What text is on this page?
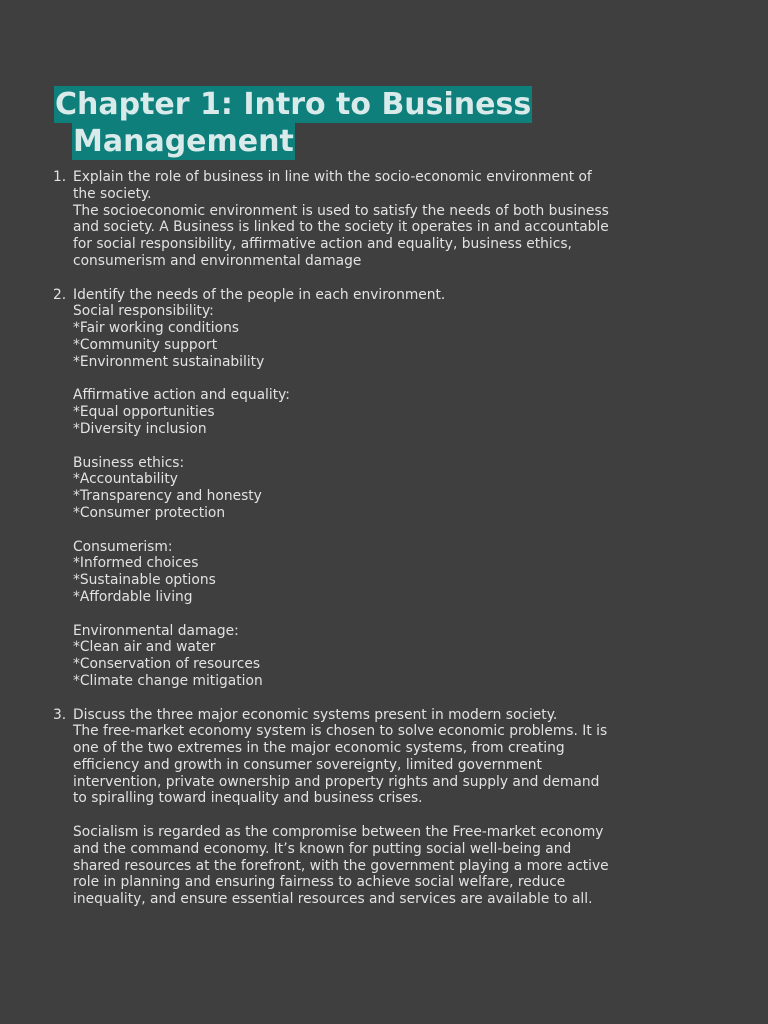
Chapter 1: Intro to Business
Management
1. Explain the role of business in line with the socio-economic environment of
the society.
The socioeconomic environment is used to satisfy the needs of both business
and society. A Business is linked to the society it operates in and accountable
for social responsibility, affirmative action and equality, business ethics,
consumerism and environmental damage
2. Identify the needs of the people in each environment.
Social responsibility:
*Fair working conditions
*Community support
*Environment sustainability
Affirmative action and equality:
*Equal opportunities
*Diversity inclusion
Business ethics:
*Accountability
*Transparency and honesty
*Consumer protection
Consumerism:
*Informed choices
*Sustainable options
*Affordable living
Environmental damage:
*Clean air and water
*Conservation of resources
*Climate change mitigation
3. Discuss the three major economic systems present in modern society.
The free-market economy system is chosen to solve economic problems. It is
one of the two extremes in the major economic systems, from creating
efficiency and growth in consumer sovereignty, limited government
intervention, private ownership and property rights and supply and demand
to spiralling toward inequality and business crises.
Socialism is regarded as the compromise between the Free-market economy
and the command economy. It’s known for putting social well-being and
shared resources at the forefront, with the government playing a more active
role in planning and ensuring fairness to achieve social welfare, reduce
inequality, and ensure essential resources and services are available to all.
